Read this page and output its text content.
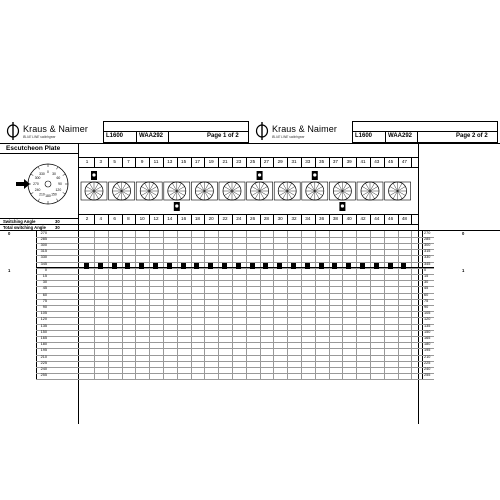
Kraus & Naimer
BLUE LINE switchgear
Kraus & Naimer
BLUE LINE switchgear
L1600	WAA292	Page 1 of 2	L1600	WAA292	Page 2 of 2
Escutcheon Plate
0 30
60
90
120
150
180
210
240
270
300
330
Switching Angle	30
Total switching Angle 30
1	3	5	7	9	11	13	15	17	19	21	23	25	27	29	31	33	35	37	39	41	43	45	47
2	4	6	8	10	12	14	16	18	20	22	24	26	28	30	32	34	36	38	40	42	44	46	48
270	270
285	285
300	300
315	315
330	330
345	345
0	0
15	15
30	30
45	45
60	60
75	75
90	90
105	105
120	120
135	135
150	150
165	165
180	180
195	195
210	210
225	225
240	240
255	255
0
1
0
1
